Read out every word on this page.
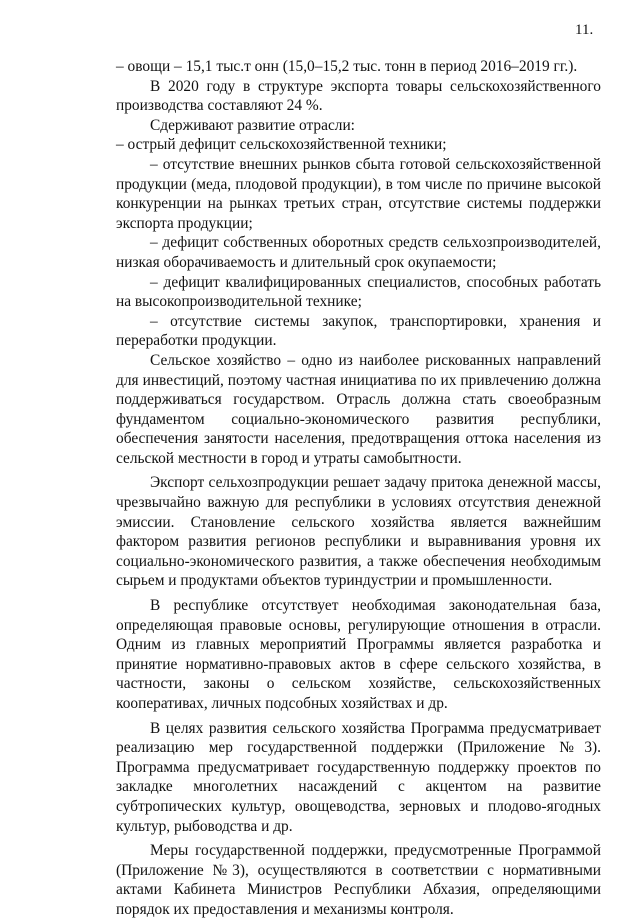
11.

– овощи – 15,1 тыс.т онн (15,0–15,2 тыс. тонн в период 2016–2019 гг.).

В 2020 году в структуре экспорта товары сельскохозяйственного производства составляют 24 %.

Сдерживают развитие отрасли:

– острый дефицит сельскохозяйственной техники;

– отсутствие внешних рынков сбыта готовой сельскохозяйственной продукции (меда, плодовой продукции), в том числе по причине высокой конкуренции на рынках третьих стран, отсутствие системы поддержки экспорта продукции;

– дефицит собственных оборотных средств сельхозпроизводителей, низкая оборачиваемость и длительный срок окупаемости;

– дефицит квалифицированных специалистов, способных работать на высокопроизводительной технике;

– отсутствие системы закупок, транспортировки, хранения и переработки продукции.

Сельское хозяйство – одно из наиболее рискованных направлений для инвестиций, поэтому частная инициатива по их привлечению должна поддерживаться государством. Отрасль должна стать своеобразным фундаментом социально-экономического развития республики, обеспечения занятости населения, предотвращения оттока населения из сельской местности в город и утраты самобытности.

Экспорт сельхозпродукции решает задачу притока денежной массы, чрезвычайно важную для республики в условиях отсутствия денежной эмиссии. Становление сельского хозяйства является важнейшим фактором развития регионов республики и выравнивания уровня их социально-экономического развития, а также обеспечения необходимым сырьем и продуктами объектов туриндустрии и промышленности.

В республике отсутствует необходимая законодательная база, определяющая правовые основы, регулирующие отношения в отрасли. Одним из главных мероприятий Программы является разработка и принятие нормативно-правовых актов в сфере сельского хозяйства, в частности, законы о сельском хозяйстве, сельскохозяйственных кооперативах, личных подсобных хозяйствах и др.

В целях развития сельского хозяйства Программа предусматривает реализацию мер государственной поддержки (Приложение №3). Программа предусматривает государственную поддержку проектов по закладке многолетних насаждений с акцентом на развитие субтропических культур, овощеводства, зерновых и плодово-ягодных культур, рыбоводства и др.

Меры государственной поддержки, предусмотренные Программой (Приложение №3), осуществляются в соответствии с нормативными актами Кабинета Министров Республики Абхазия, определяющими порядок их предоставления и механизмы контроля.
